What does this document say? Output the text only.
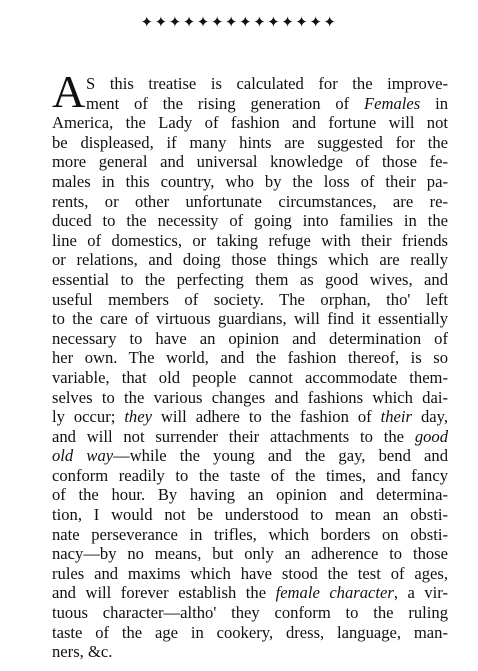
✦✦✦✦✦✦✦✦✦✦✦✦✦✦
A S this treatise is calculated for the improve-
ment of the rising generation of Females in
America, the Lady of fashion and fortune will not
be displeased, if many hints are suggested for the
more general and universal knowledge of those fe-
males in this country, who by the loss of their pa-
rents, or other unfortunate circumstances, are re-
duced to the necessity of going into families in the
line of domestics, or taking refuge with their friends
or relations, and doing those things which are really
essential to the perfecting them as good wives, and
useful members of society. The orphan, tho' left
to the care of virtuous guardians, will find it essentially
necessary to have an opinion and determination of
her own. The world, and the fashion thereof, is so
variable, that old people cannot accommodate them-
selves to the various changes and fashions which dai-
ly occur; they will adhere to the fashion of their day,
and will not surrender their attachments to the good
old way—while the young and the gay, bend and
conform readily to the taste of the times, and fancy
of the hour. By having an opinion and determina-
tion, I would not be understood to mean an obsti-
nate perseverance in trifles, which borders on obsti-
nacy—by no means, but only an adherence to those
rules and maxims which have stood the test of ages,
and will forever establish the female character, a vir-
tuous character—altho' they conform to the ruling
taste of the age in cookery, dress, language, man-
ners, &c.
